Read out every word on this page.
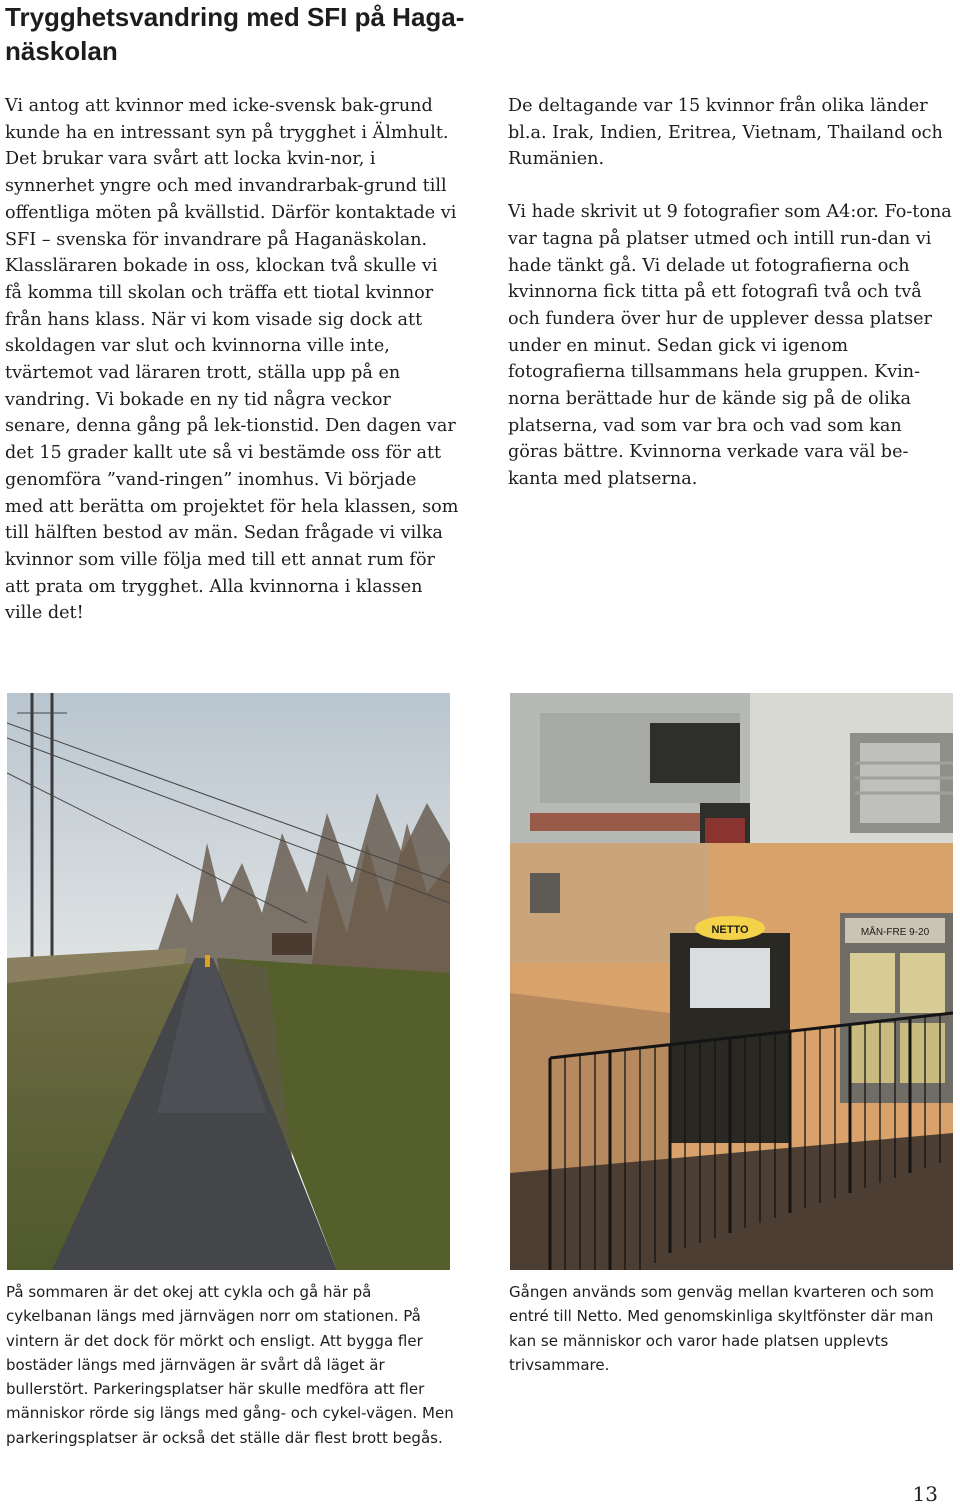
Trygghetsvandring med SFI på Haga-
näskolan

Vi antog att kvinnor med icke-svensk bak-grund kunde ha en intressant syn på trygghet i Älmhult. Det brukar vara svårt att locka kvin-nor, i synnerhet yngre och med invandrarbak-grund till offentliga möten på kvällstid. Därför kontaktade vi SFI – svenska för invandrare på Haganäskolan. Klassläraren bokade in oss, klockan två skulle vi få komma till skolan och träffa ett tiotal kvinnor från hans klass. När vi kom visade sig dock att skoldagen var slut och kvinnorna ville inte, tvärtemot vad läraren trott, ställa upp på en vandring. Vi bokade en ny tid några veckor senare, denna gång på lek-tionstid. Den dagen var det 15 grader kallt ute så vi bestämde oss för att genomföra ”vand-ringen” inomhus. Vi började med att berätta om projektet för hela klassen, som till hälften bestod av män. Sedan frågade vi vilka kvinnor som ville följa med till ett annat rum för att prata om trygghet. Alla kvinnorna i klassen ville det!

De deltagande var 15 kvinnor från olika länder bl.a. Irak, Indien, Eritrea, Vietnam, Thailand och Rumänien.

Vi hade skrivit ut 9 fotografier som A4:or. Fo-tona var tagna på platser utmed och intill run-dan vi hade tänkt gå. Vi delade ut fotografierna och kvinnorna fick titta på ett fotografi två och två och fundera över hur de upplever dessa platser under en minut. Sedan gick vi igenom fotografierna tillsammans hela gruppen. Kvin-norna berättade hur de kände sig på de olika platserna, vad som var bra och vad som kan göras bättre. Kvinnorna verkade vara väl be-kanta med platserna.

NETTO	MÅN-FRE 9-20

På sommaren är det okej att cykla och gå här på cykelbanan längs med järnvägen norr om stationen. På vintern är det dock för mörkt och ensligt. Att bygga fler bostäder längs med järnvägen är svårt då läget är bullerstört. Parkeringsplatser här skulle medföra att fler människor rörde sig längs med gång- och cykel-vägen. Men parkeringsplatser är också det ställe där flest brott begås.

Gången används som genväg mellan kvarteren och som entré till Netto. Med genomskinliga skyltfönster där man kan se människor och varor hade platsen upplevts trivsammare.

13
